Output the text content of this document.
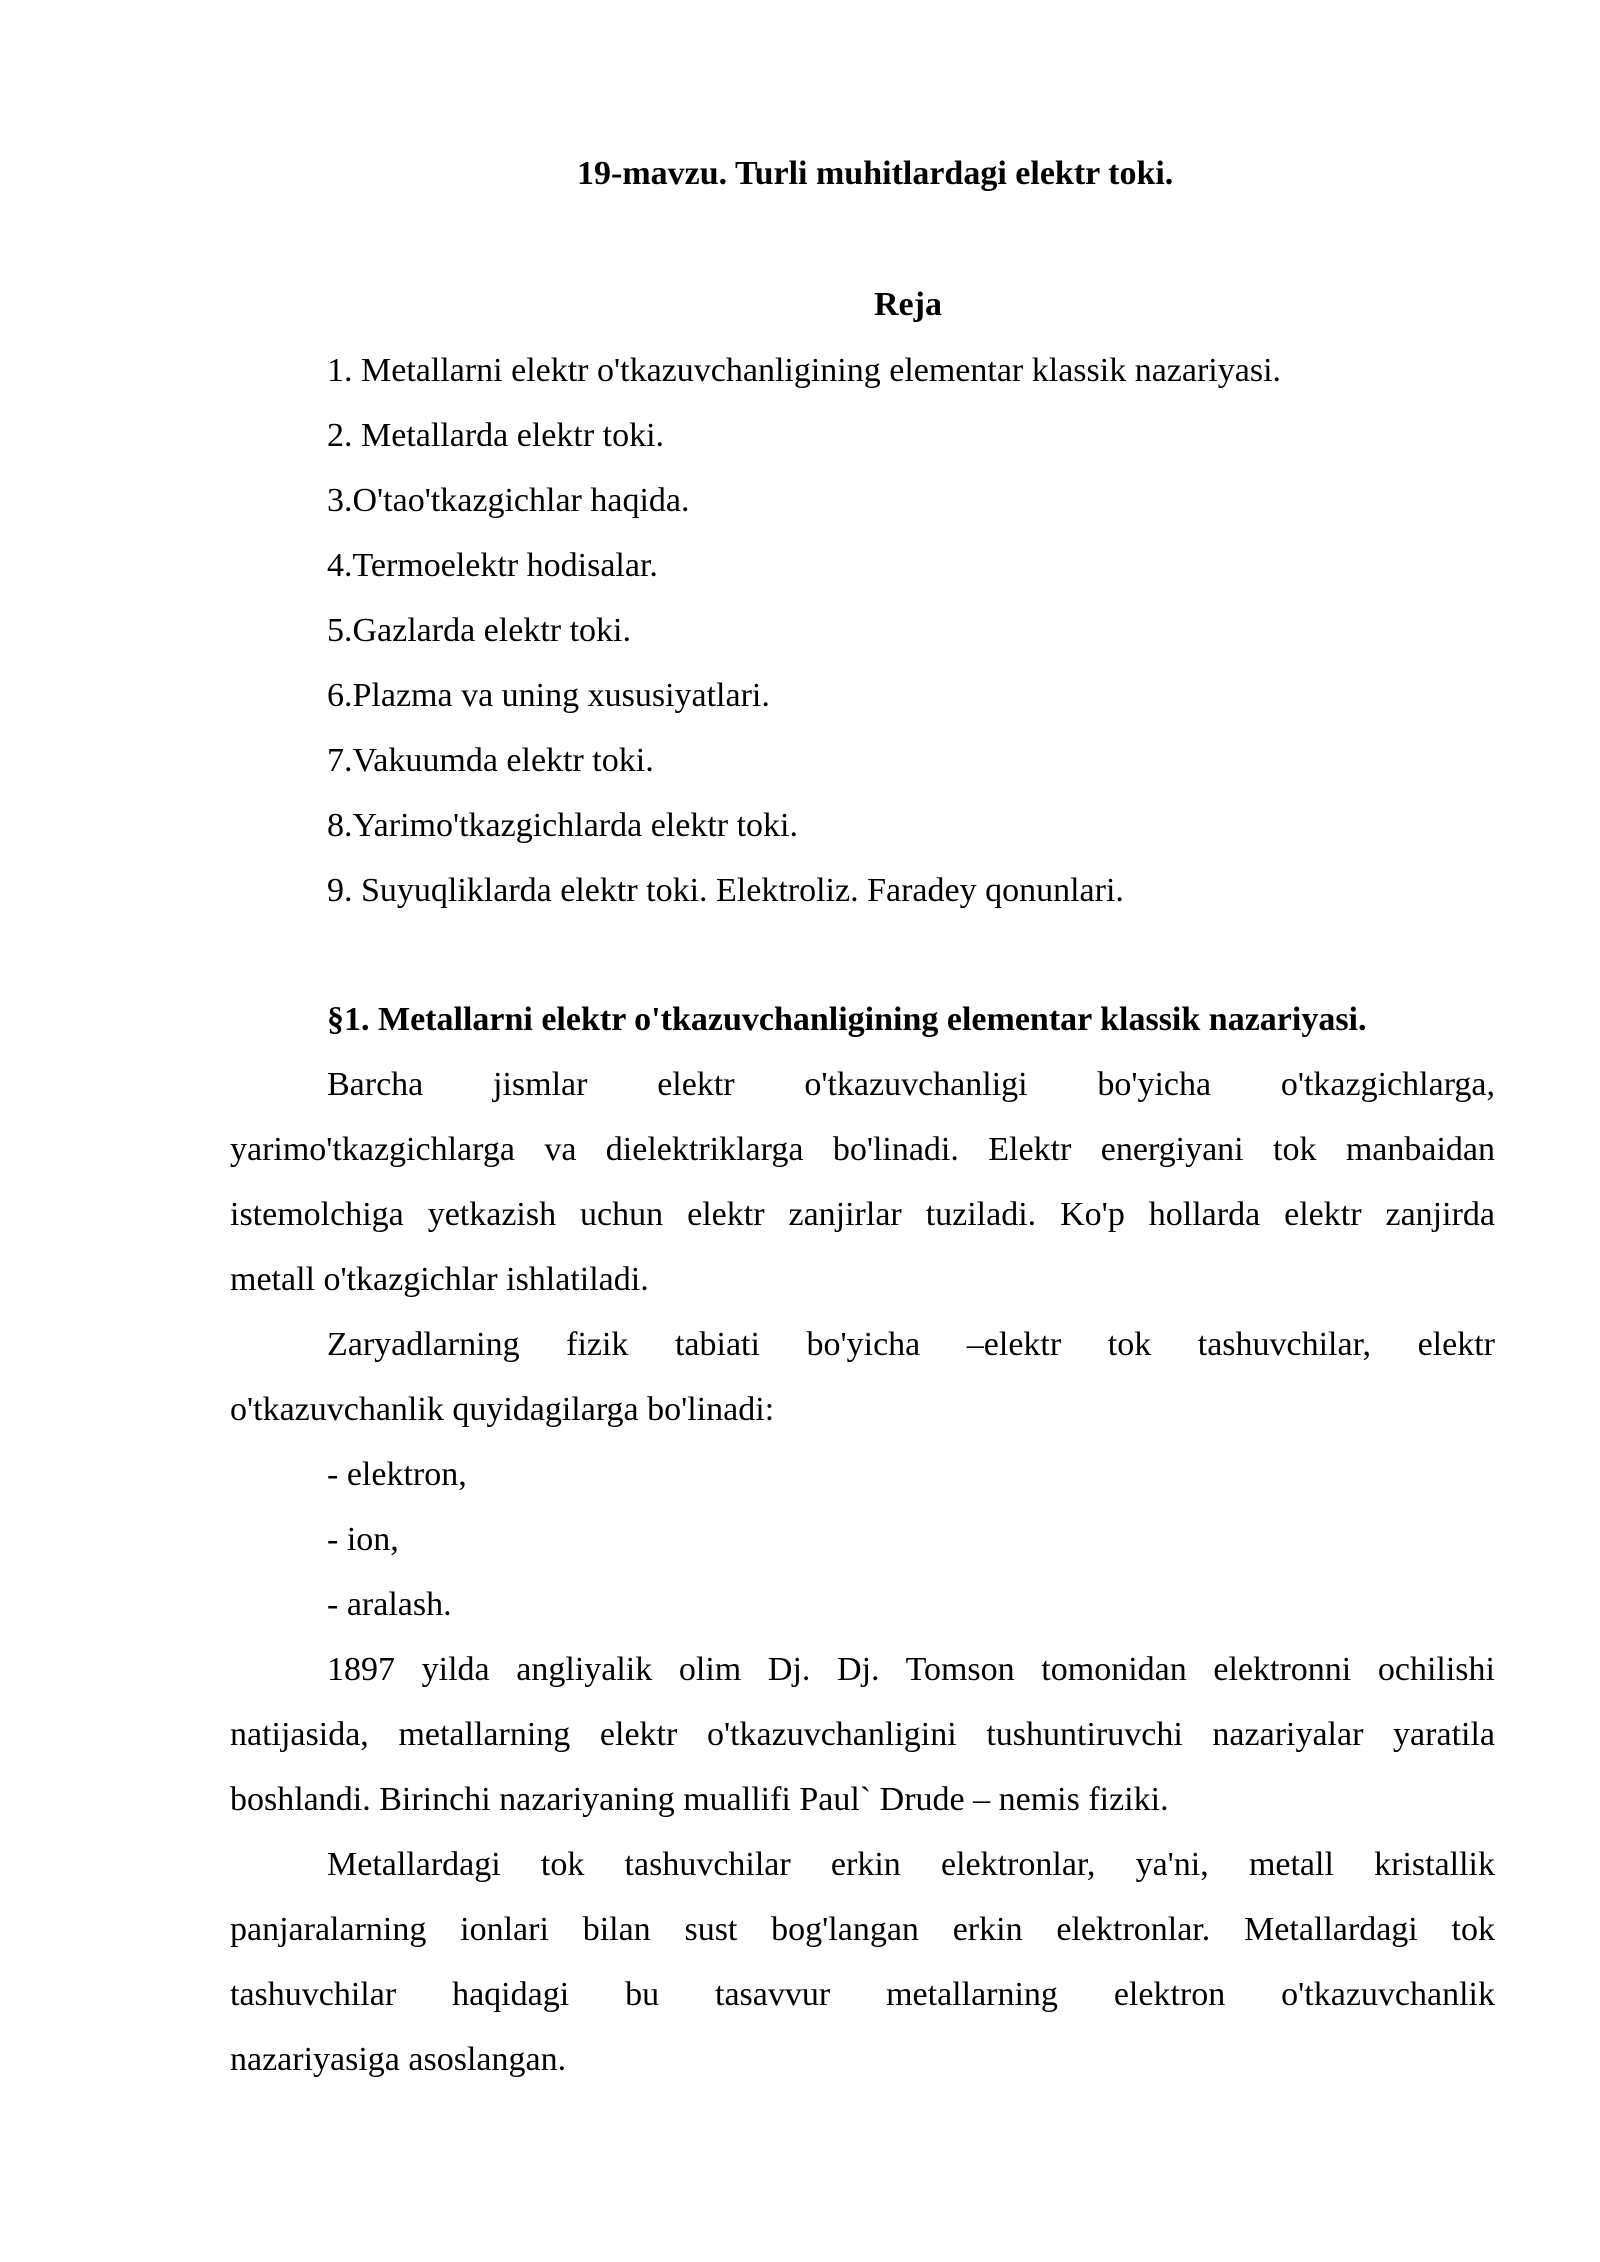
19-mavzu. Turli muhitlardagi elektr toki.
Reja
1. Metallarni elektr o'tkazuvchanligining elementar klassik nazariyasi.
2. Metallarda elektr toki.
3.O'tao'tkazgichlar haqida.
4.Termoelektr hodisalar.
5.Gazlarda elektr toki.
6.Plazma va uning xususiyatlari.
7.Vakuumda elektr toki.
8.Yarimo'tkazgichlarda elektr toki.
9. Suyuqliklarda elektr toki. Elektroliz. Faradey qonunlari.
§1. Metallarni elektr o'tkazuvchanligining elementar klassik nazariyasi.
Barcha jismlar elektr o'tkazuvchanligi bo'yicha o'tkazgichlarga,
yarimo'tkazgichlarga va dielektriklarga bo'linadi. Elektr energiyani tok manbaidan
istemolchiga yetkazish uchun elektr zanjirlar tuziladi. Ko'p hollarda elektr zanjirda
metall o'tkazgichlar ishlatiladi.
Zaryadlarning fizik tabiati bo'yicha –elektr tok tashuvchilar, elektr
o'tkazuvchanlik quyidagilarga bo'linadi:
- elektron,
- ion,
- aralash.
1897 yilda angliyalik olim Dj. Dj. Tomson tomonidan elektronni ochilishi
natijasida, metallarning elektr o'tkazuvchanligini tushuntiruvchi nazariyalar yaratila
boshlandi. Birinchi nazariyaning muallifi Paul` Drude – nemis fiziki.
Metallardagi tok tashuvchilar erkin elektronlar, ya'ni, metall kristallik
panjaralarning ionlari bilan sust bog'langan erkin elektronlar. Metallardagi tok
tashuvchilar haqidagi bu tasavvur metallarning elektron o'tkazuvchanlik
nazariyasiga asoslangan.
